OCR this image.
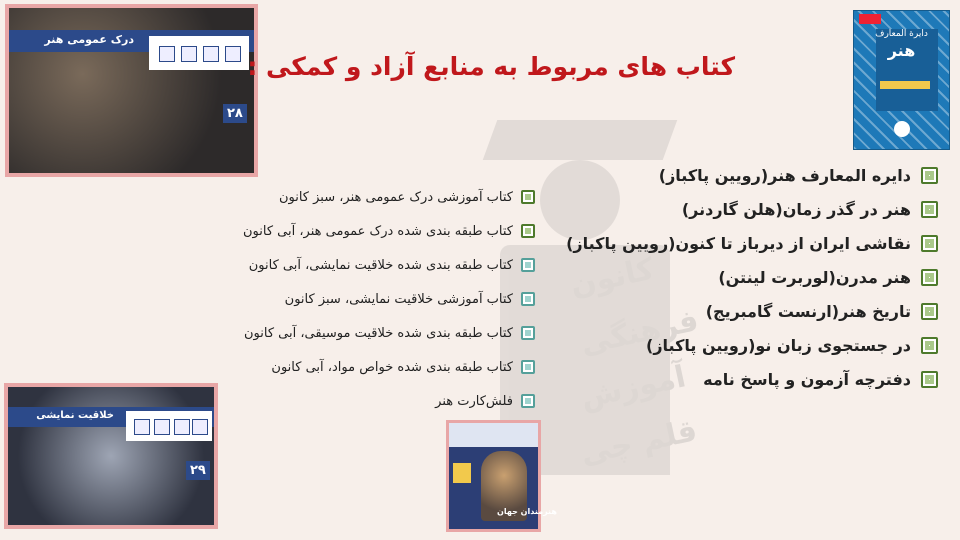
کانون
فرهنگی
آموزش
قلم چی
درک عمومی هنر
۲۸
خلاقیت نمایشی
۲۹
دایرة المعارف
هنر
هنرمندان جهان
کتاب های مربوط به منابع آزاد و کمکی :
دایره المعارف هنر(رویین پاکباز)
هنر در گذر زمان(هلن گاردنر)
نقاشی ایران از دیرباز تا کنون(رویین پاکباز)
هنر مدرن(لوربرت لینتن)
تاریخ هنر(ارنست گامبریج)
در جستجوی زبان نو(رویین پاکباز)
دفترچه آزمون و پاسخ نامه
کتاب آموزشی درک عمومی هنر، سبز کانون
کتاب طبقه بندی شده درک عمومی هنر، آبی کانون
کتاب طبقه بندی شده خلاقیت نمایشی، آبی کانون
کتاب آموزشی خلاقیت نمایشی، سبز کانون
کتاب طبقه بندی شده خلاقیت موسیقی، آبی کانون
کتاب طبقه بندی شده خواص مواد، آبی کانون
فلش‌کارت هنر
